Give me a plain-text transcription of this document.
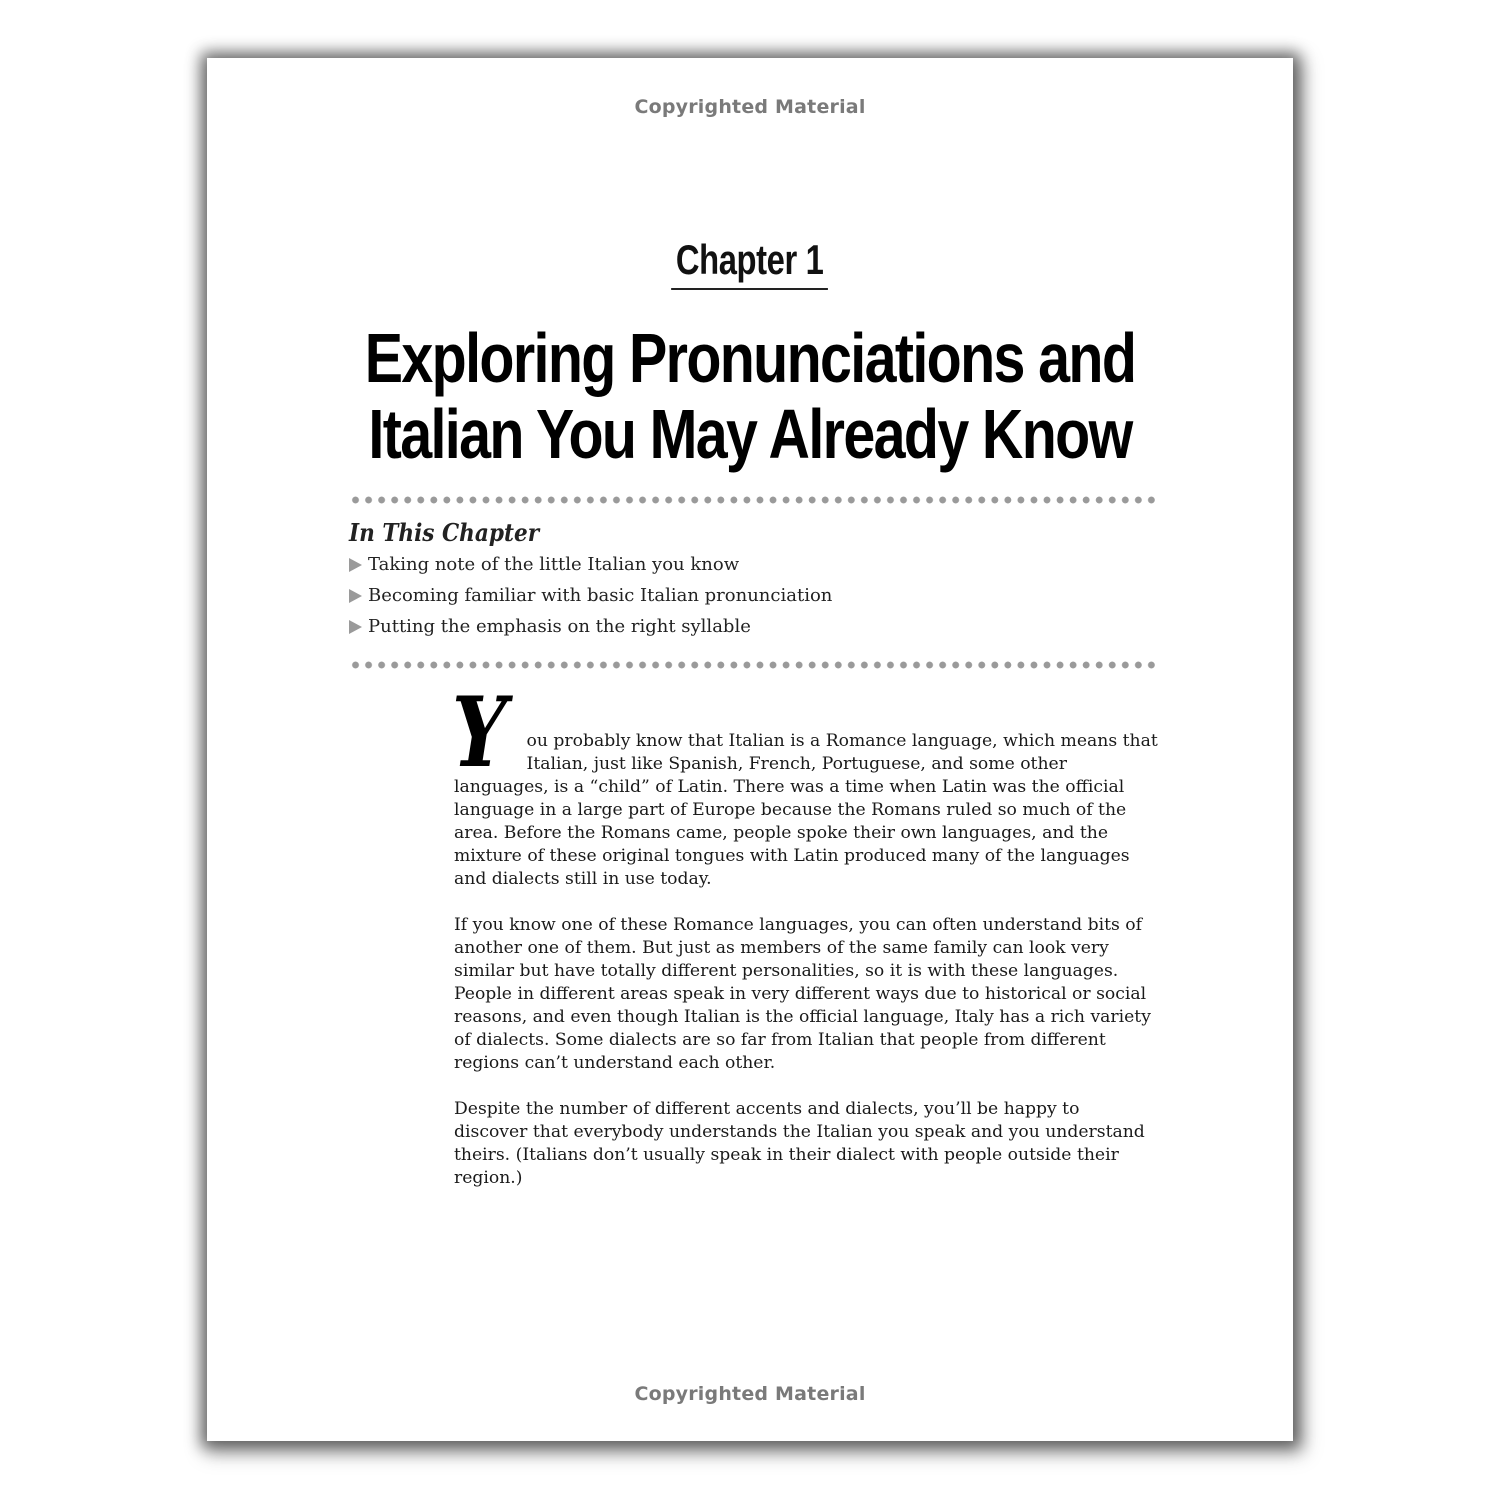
Copyrighted Material
Chapter 1
Exploring Pronunciations and
Italian You May Already Know
In This Chapter
Taking note of the little Italian you know
Becoming familiar with basic Italian pronunciation
Putting the emphasis on the right syllable

Y ou probably know that Italian is a Romance language, which means that Italian, just like Spanish, French, Portuguese, and some other languages, is a “child” of Latin. There was a time when Latin was the official language in a large part of Europe because the Romans ruled so much of the area. Before the Romans came, people spoke their own languages, and the mixture of these original tongues with Latin produced many of the languages and dialects still in use today.

If you know one of these Romance languages, you can often understand bits of another one of them. But just as members of the same family can look very similar but have totally different personalities, so it is with these languages. People in different areas speak in very different ways due to historical or social reasons, and even though Italian is the official language, Italy has a rich variety of dialects. Some dialects are so far from Italian that people from different regions can’t understand each other.

Despite the number of different accents and dialects, you’ll be happy to discover that everybody understands the Italian you speak and you understand theirs. (Italians don’t usually speak in their dialect with people outside their region.)

Copyrighted Material
